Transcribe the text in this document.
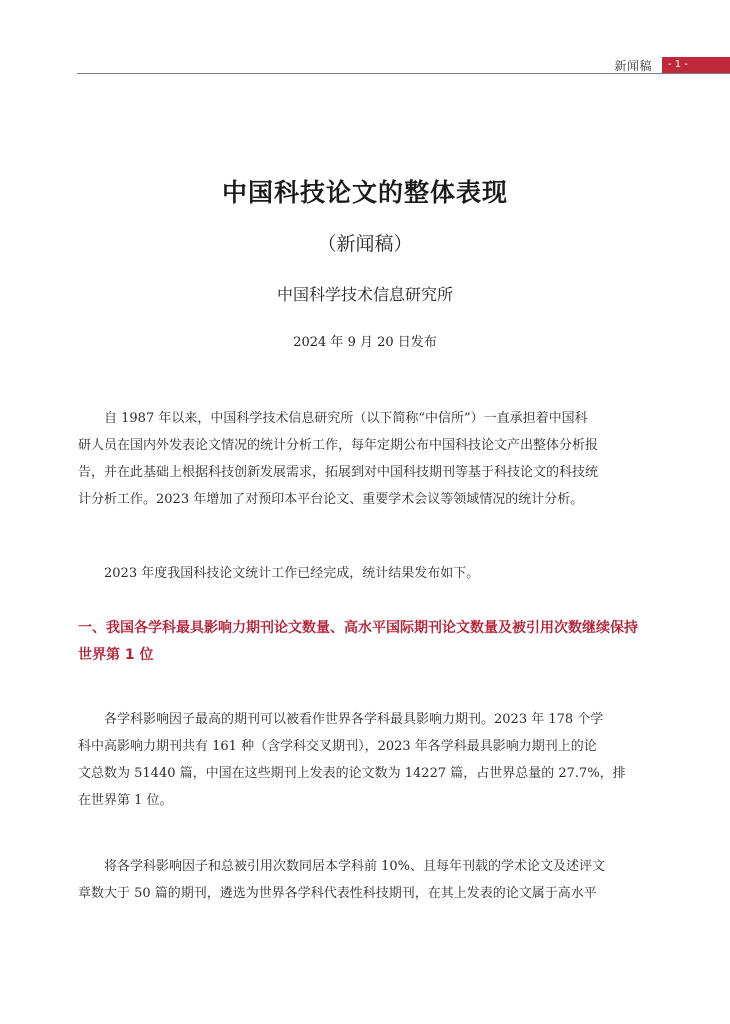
新闻稿	- 1 -
中国科技论文的整体表现
（新闻稿）
中国科学技术信息研究所
2024 年 9 月 20 日发布

自 1987 年以来，中国科学技术信息研究所（以下简称“中信所”）一直承担着中国科
研人员在国内外发表论文情况的统计分析工作，每年定期公布中国科技论文产出整体分析报
告，并在此基础上根据科技创新发展需求，拓展到对中国科技期刊等基于科技论文的科技统
计分析工作。2023 年增加了对预印本平台论文、重要学术会议等领域情况的统计分析。

2023 年度我国科技论文统计工作已经完成，统计结果发布如下。

一、我国各学科最具影响力期刊论文数量、高水平国际期刊论文数量及被引用次数继续保持
世界第 1 位

各学科影响因子最高的期刊可以被看作世界各学科最具影响力期刊。2023 年 178 个学
科中高影响力期刊共有 161 种（含学科交叉期刊），2023 年各学科最具影响力期刊上的论
文总数为 51440 篇，中国在这些期刊上发表的论文数为 14227 篇，占世界总量的 27.7%，排
在世界第 1 位。

将各学科影响因子和总被引用次数同居本学科前 10%、且每年刊载的学术论文及述评文
章数大于 50 篇的期刊，遴选为世界各学科代表性科技期刊，在其上发表的论文属于高水平
